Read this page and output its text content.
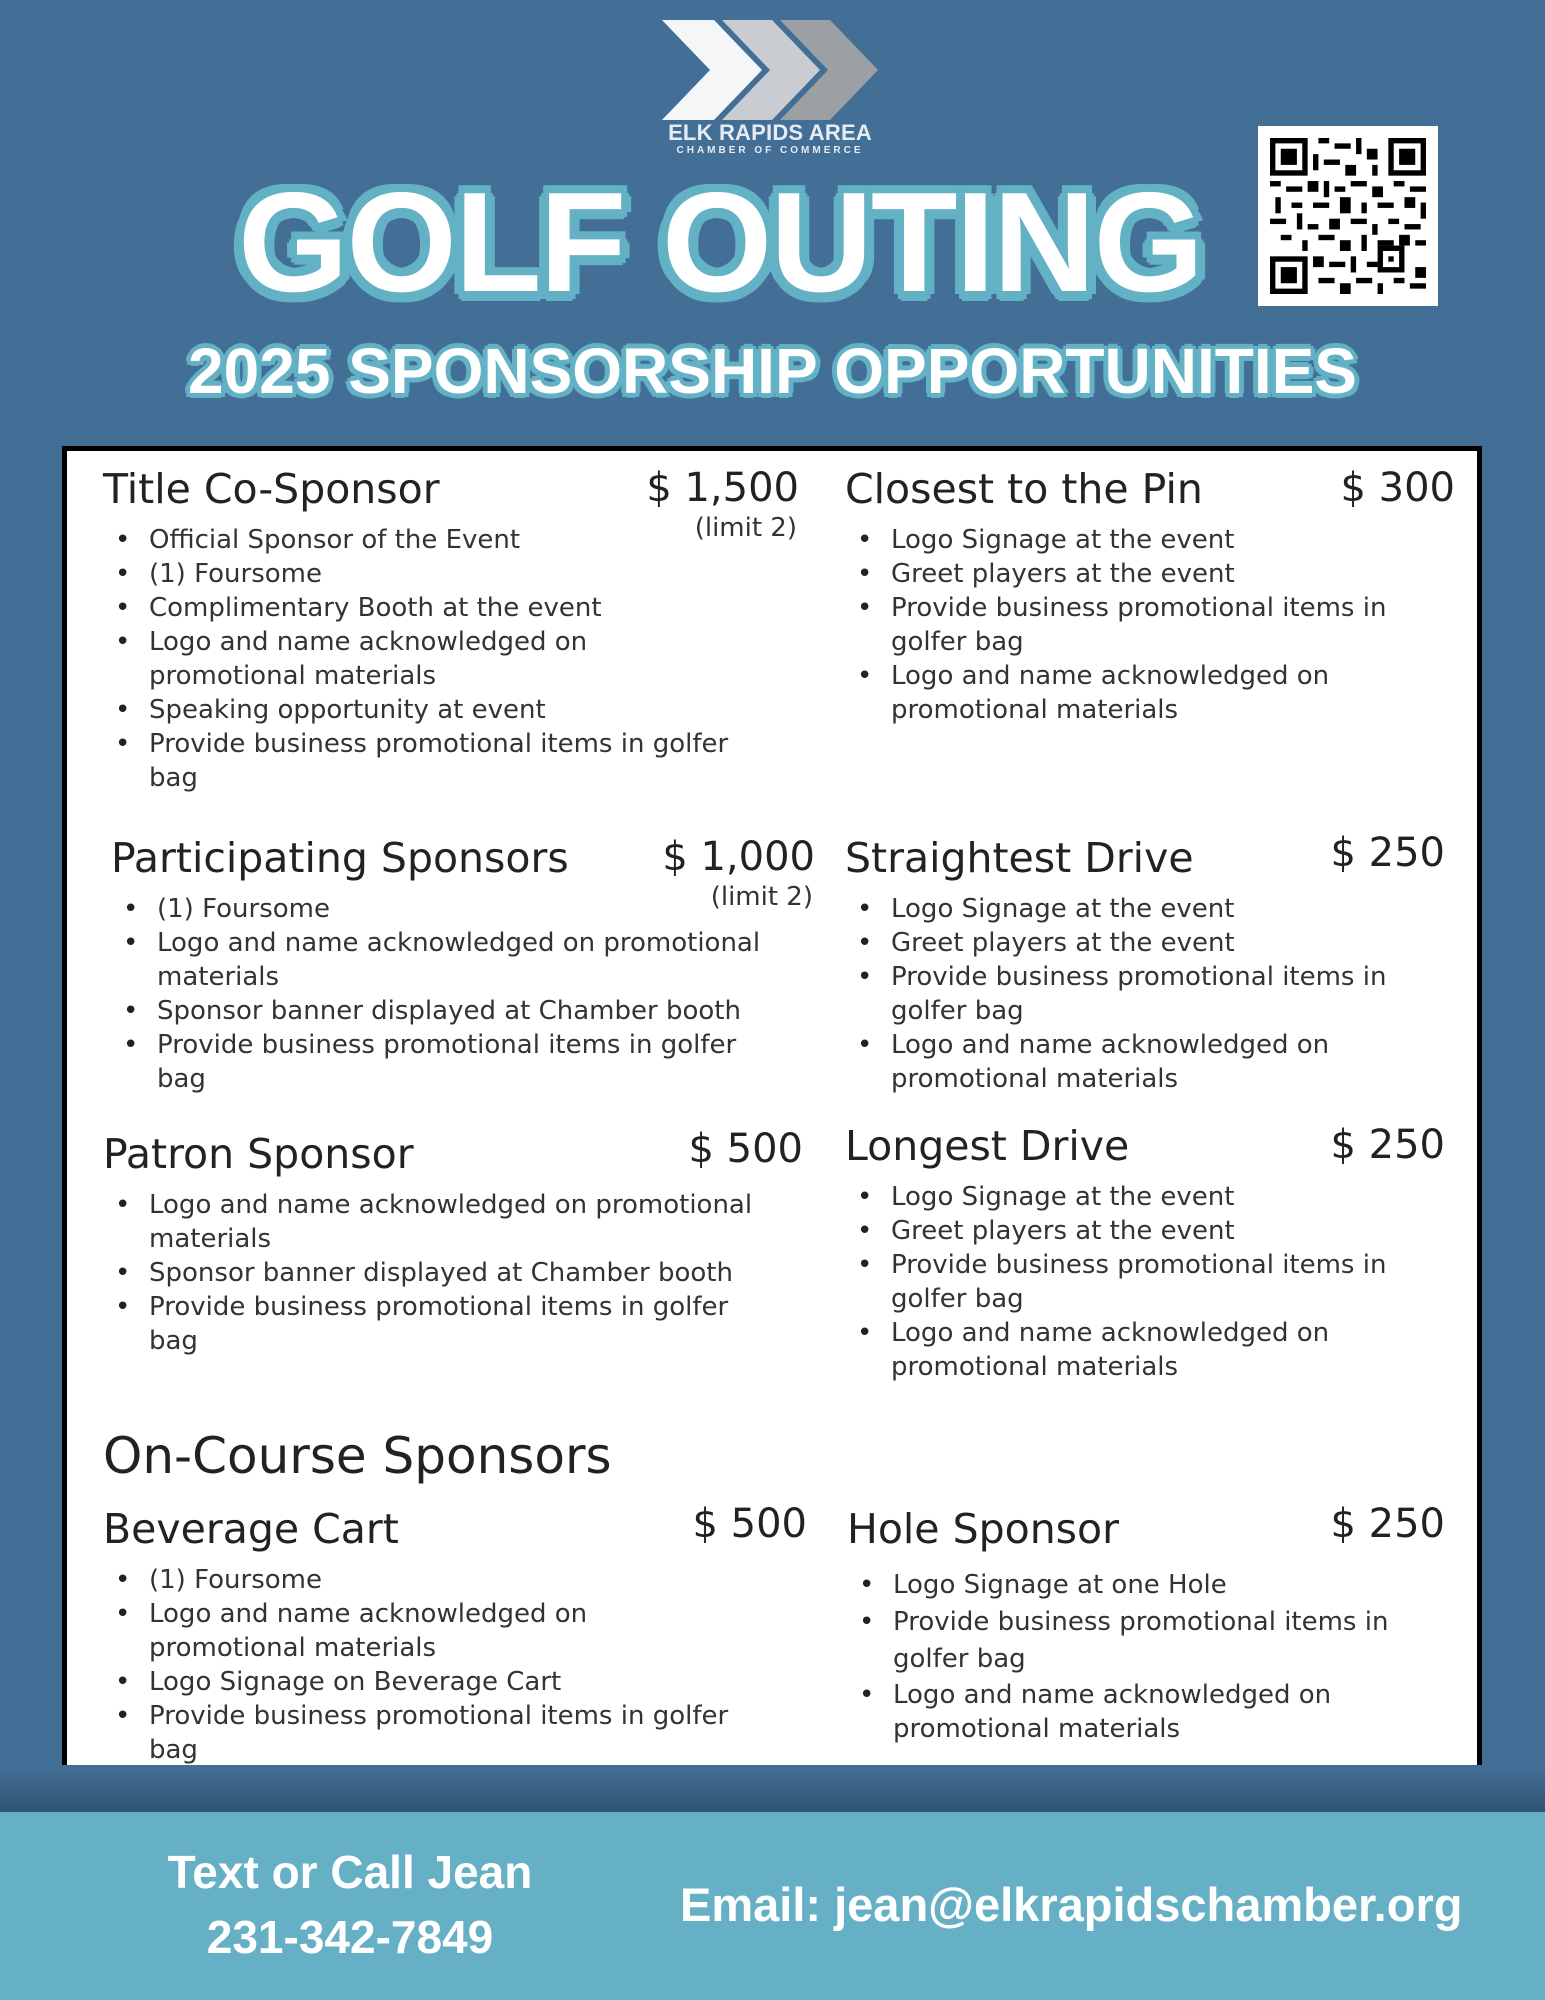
ELK RAPIDS AREA
CHAMBER OF COMMERCE
GOLF OUTING
2025 SPONSORSHIP OPPORTUNITIES
Title Co-Sponsor	$ 1,500
(limit 2)
• Official Sponsor of the Event
• (1) Foursome
• Complimentary Booth at the event
• Logo and name acknowledged on promotional materials
• Speaking opportunity at event
• Provide business promotional items in golfer bag
Closest to the Pin	$ 300
• Logo Signage at the event
• Greet players at the event
• Provide business promotional items in golfer bag
• Logo and name acknowledged on promotional materials
Participating Sponsors $ 1,000
(limit 2)
• (1) Foursome
• Logo and name acknowledged on promotional materials
• Sponsor banner displayed at Chamber booth
• Provide business promotional items in golfer bag
Straightest Drive	$ 250
• Logo Signage at the event
• Greet players at the event
• Provide business promotional items in golfer bag
• Logo and name acknowledged on promotional materials
Patron Sponsor	$ 500
• Logo and name acknowledged on promotional materials
• Sponsor banner displayed at Chamber booth
• Provide business promotional items in golfer bag
Longest Drive	$ 250
• Logo Signage at the event
• Greet players at the event
• Provide business promotional items in golfer bag
• Logo and name acknowledged on promotional materials
On-Course Sponsors
Beverage Cart	$ 500
• (1) Foursome
• Logo and name acknowledged on promotional materials
• Logo Signage on Beverage Cart
• Provide business promotional items in golfer bag
Hole Sponsor	$ 250
• Logo Signage at one Hole
• Provide business promotional items in golfer bag
• Logo and name acknowledged on promotional materials
Text or Call Jean
231-342-7849
Email: jean@elkrapidschamber.org
